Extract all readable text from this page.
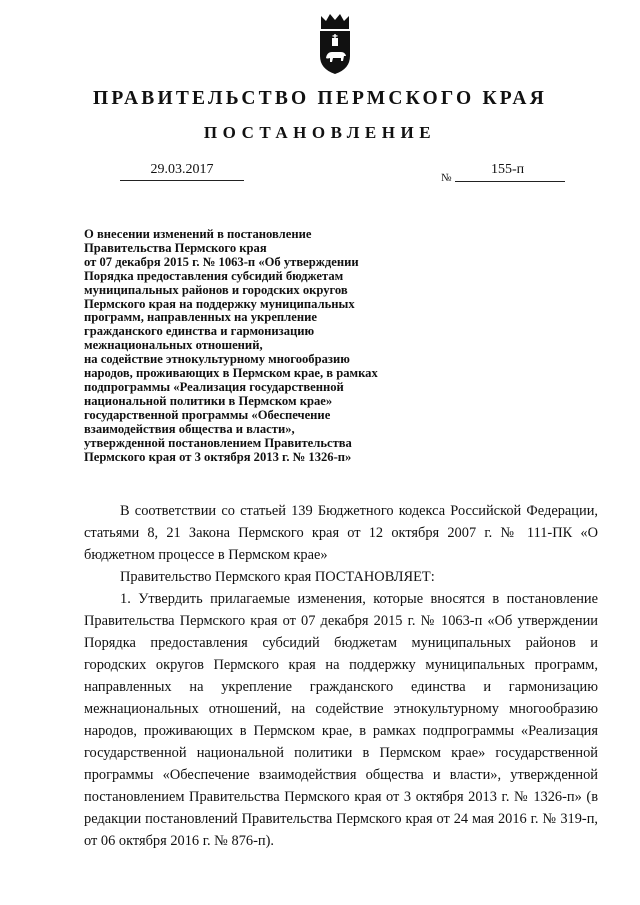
ПРАВИТЕЛЬСТВО ПЕРМСКОГО КРАЯ
ПОСТАНОВЛЕНИЕ
29.03.2017
№
155-п
О внесении изменений в постановление
Правительства Пермского края
от 07 декабря 2015 г. № 1063-п «Об утверждении
Порядка предоставления субсидий бюджетам
муниципальных районов и городских округов
Пермского края на поддержку муниципальных
программ, направленных на укрепление
гражданского единства и гармонизацию
межнациональных отношений,
на содействие этнокультурному многообразию
народов, проживающих в Пермском крае, в рамках
подпрограммы «Реализация государственной
национальной политики в Пермском крае»
государственной программы «Обеспечение
взаимодействия общества и власти»,
утвержденной постановлением Правительства
Пермского края от 3 октября 2013 г. № 1326-п»

В соответствии со статьей 139 Бюджетного кодекса Российской Федерации, статьями 8, 21 Закона Пермского края от 12 октября 2007 г. № 111-ПК «О бюджетном процессе в Пермском крае»

Правительство Пермского края ПОСТАНОВЛЯЕТ:

1. Утвердить прилагаемые изменения, которые вносятся в постановление Правительства Пермского края от 07 декабря 2015 г. № 1063-п «Об утверждении Порядка предоставления субсидий бюджетам муниципальных районов и городских округов Пермского края на поддержку муниципальных программ, направленных на укрепление гражданского единства и гармонизацию межнациональных отношений, на содействие этнокультурному многообразию народов, проживающих в Пермском крае, в рамках подпрограммы «Реализация государственной национальной политики в Пермском крае» государственной программы «Обеспечение взаимодействия общества и власти», утвержденной постановлением Правительства Пермского края от 3 октября 2013 г. № 1326-п» (в редакции постановлений Правительства Пермского края от 24 мая 2016 г. № 319-п, от 06 октября 2016 г. № 876-п).
